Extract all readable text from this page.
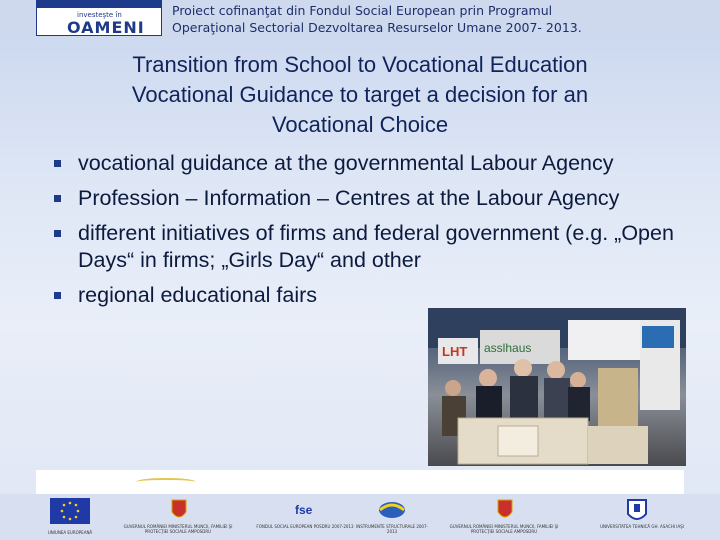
investeşte în
OAMENI
Proiect cofinanţat din Fondul Social European prin Programul
Operaţional Sectorial Dezvoltarea Resurselor Umane 2007- 2013.
Transition from School to Vocational Education
Vocational Guidance to target a decision for an
Vocational Choice
vocational guidance at the governmental Labour Agency
Profession – Information – Centres at the Labour Agency
different initiatives of firms and federal government (e.g. „Open Days“ in firms; „Girls Day“ and other
regional educational fairs
LHT asslhaus
UNIUNEA EUROPEANĂ
GUVERNUL ROMÂNIEI MINISTERUL MUNCII, FAMILIEI ŞI PROTECŢIEI SOCIALE AMPOSDRU
fse
FONDUL SOCIAL EUROPEAN POSDRU 2007-2013 INSTRUMENTE STRUCTURALE 2007-2013
GUVERNUL ROMÂNIEI MINISTERUL MUNCII, FAMILIEI ŞI PROTECŢIEI SOCIALE AMPOSDRU
UNIVERSITATEA TEHNICĂ GH. ASACHI IAŞI
